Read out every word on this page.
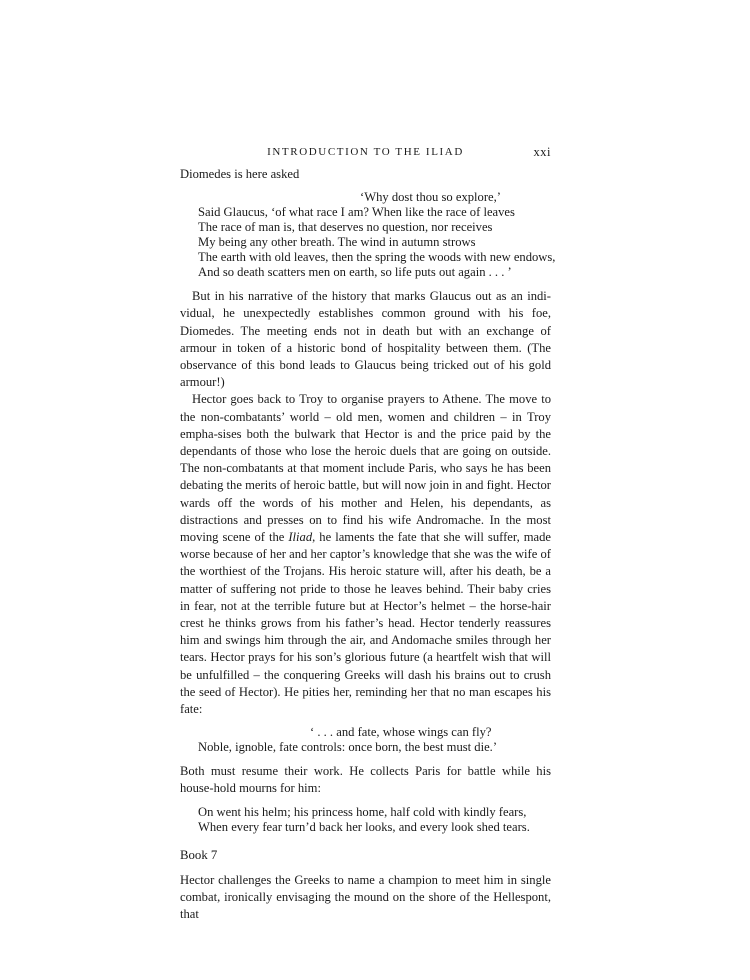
INTRODUCTION TO THE ILIAD	xxi

Diomedes is here asked

‘Why dost thou so explore,’
Said Glaucus, ‘of what race I am? When like the race of leaves
The race of man is, that deserves no question, nor receives
My being any other breath. The wind in autumn strows
The earth with old leaves, then the spring the woods with new endows,
And so death scatters men on earth, so life puts out again . . . ’

But in his narrative of the history that marks Glaucus out as an indi-vidual, he unexpectedly establishes common ground with his foe, Diomedes. The meeting ends not in death but with an exchange of armour in token of a historic bond of hospitality between them. (The observance of this bond leads to Glaucus being tricked out of his gold armour!)

Hector goes back to Troy to organise prayers to Athene. The move to the non-combatants’ world – old men, women and children – in Troy empha-sises both the bulwark that Hector is and the price paid by the dependants of those who lose the heroic duels that are going on outside. The non-combatants at that moment include Paris, who says he has been debating the merits of heroic battle, but will now join in and fight. Hector wards off the words of his mother and Helen, his dependants, as distractions and presses on to find his wife Andromache. In the most moving scene of the Iliad, he laments the fate that she will suffer, made worse because of her and her captor’s knowledge that she was the wife of the worthiest of the Trojans. His heroic stature will, after his death, be a matter of suffering not pride to those he leaves behind. Their baby cries in fear, not at the terrible future but at Hector’s helmet – the horse-hair crest he thinks grows from his father’s head. Hector tenderly reassures him and swings him through the air, and Andomache smiles through her tears. Hector prays for his son’s glorious future (a heartfelt wish that will be unfulfilled – the conquering Greeks will dash his brains out to crush the seed of Hector). He pities her, reminding her that no man escapes his fate:

‘ . . . and fate, whose wings can fly?
Noble, ignoble, fate controls: once born, the best must die.’

Both must resume their work. He collects Paris for battle while his house-hold mourns for him:

On went his helm; his princess home, half cold with kindly fears,
When every fear turn’d back her looks, and every look shed tears.
Book 7

Hector challenges the Greeks to name a champion to meet him in single combat, ironically envisaging the mound on the shore of the Hellespont, that
